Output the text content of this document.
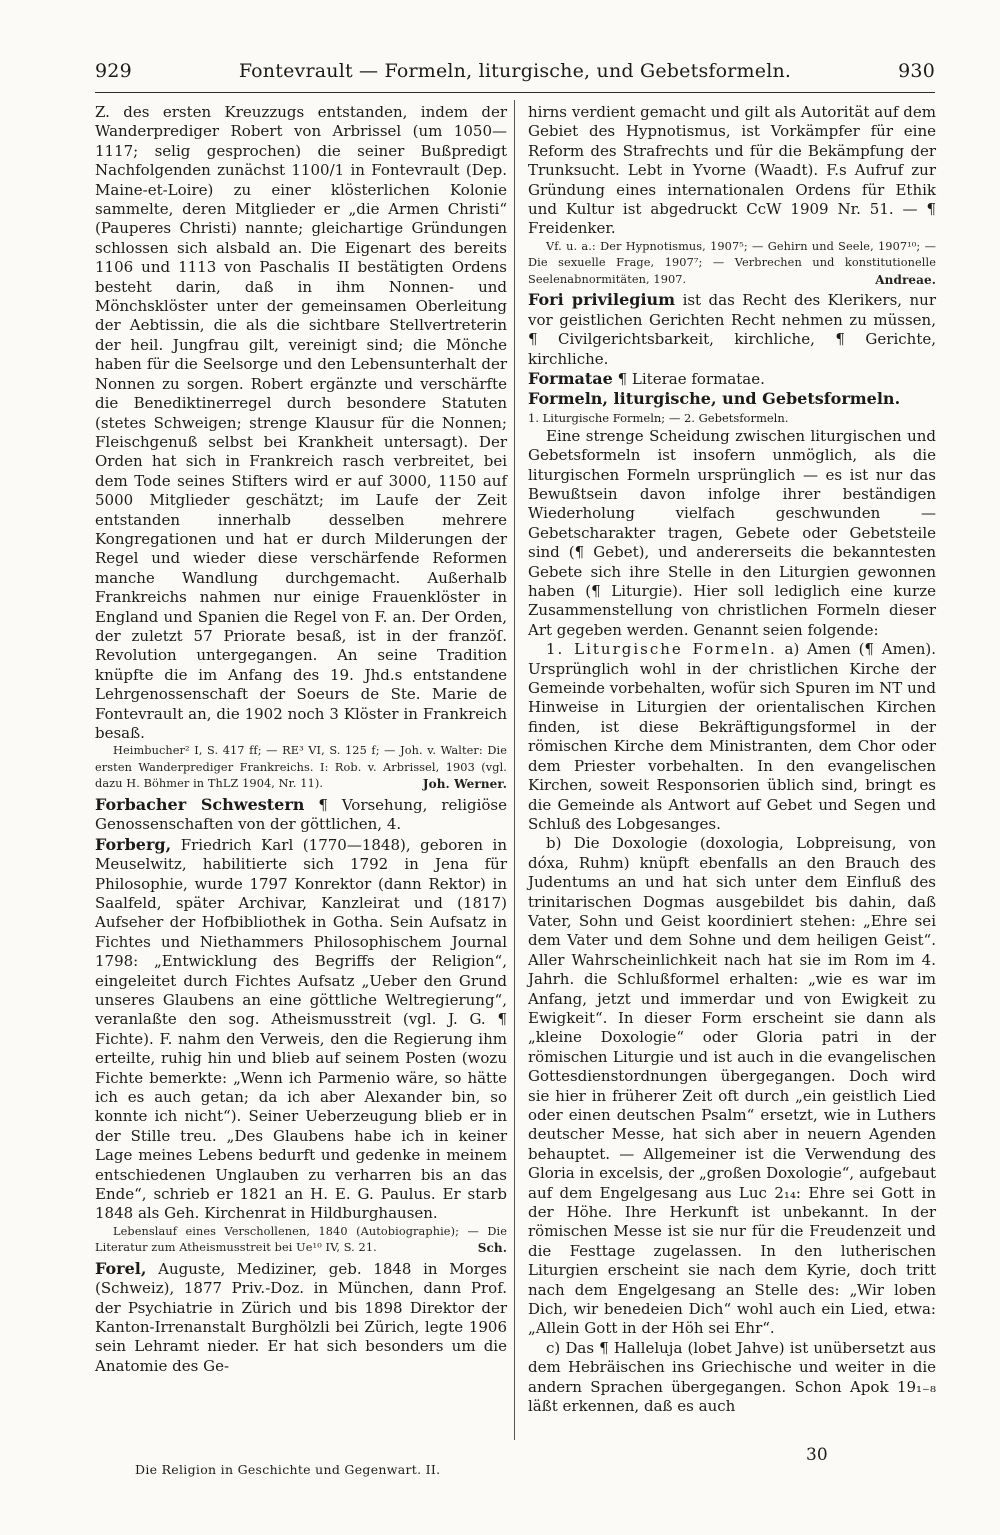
929	Fontevrault — Formeln, liturgische, und Gebetsformeln.	930

Z. des ersten Kreuzzugs entstanden, indem der Wanderprediger Robert von Arbrissel (um 1050—1117; selig gesprochen) die seiner Bußpredigt Nachfolgenden zunächst 1100/1 in Fontevrault (Dep. Maine-et-Loire) zu einer klösterlichen Kolonie sammelte, deren Mitglieder er „die Armen Christi“ (Pauperes Christi) nannte; gleichartige Gründungen schlossen sich alsbald an. Die Eigenart des bereits 1106 und 1113 von Paschalis II bestätigten Ordens besteht darin, daß in ihm Nonnen- und Mönchsklöster unter der gemeinsamen Oberleitung der Aebtissin, die als die sichtbare Stellvertreterin der heil. Jungfrau gilt, vereinigt sind; die Mönche haben für die Seelsorge und den Lebensunterhalt der Nonnen zu sorgen. Robert ergänzte und verschärfte die Benediktinerregel durch besondere Statuten (stetes Schweigen; strenge Klausur für die Nonnen; Fleischgenuß selbst bei Krankheit untersagt). Der Orden hat sich in Frankreich rasch verbreitet, bei dem Tode seines Stifters wird er auf 3000, 1150 auf 5000 Mitglieder geschätzt; im Laufe der Zeit entstanden innerhalb desselben mehrere Kongregationen und hat er durch Milderungen der Regel und wieder diese verschärfende Reformen manche Wandlung durchgemacht. Außerhalb Frankreichs nahmen nur einige Frauenklöster in England und Spanien die Regel von F. an. Der Orden, der zuletzt 57 Priorate besaß, ist in der franzöſ. Revolution untergegangen. An seine Tradition knüpfte die im Anfang des 19. Jhd.s entstandene Lehrgenossenschaft der Soeurs de Ste. Marie de Fontevrault an, die 1902 noch 3 Klöster in Frankreich besaß.

Heimbucher² I, S. 417 ff; — RE³ VI, S. 125 f; — Joh. v. Walter: Die ersten Wanderprediger Frankreichs. I: Rob. v. Arbrissel, 1903 (vgl. dazu H. Böhmer in ThLZ 1904, Nr. 11).	Joh. Werner.

Forbacher Schwestern ¶ Vorsehung, religiöse Genossenschaften von der göttlichen, 4.

Forberg, Friedrich Karl (1770—1848), geboren in Meuselwitz, habilitierte sich 1792 in Jena für Philosophie, wurde 1797 Konrektor (dann Rektor) in Saalfeld, später Archivar, Kanzleirat und (1817) Aufseher der Hofbibliothek in Gotha. Sein Aufsatz in Fichtes und Niethammers Philosophischem Journal 1798: „Entwicklung des Begriffs der Religion“, eingeleitet durch Fichtes Aufsatz „Ueber den Grund unseres Glaubens an eine göttliche Weltregierung“, veranlaßte den sog. Atheismusstreit (vgl. J. G. ¶ Fichte). F. nahm den Verweis, den die Regierung ihm erteilte, ruhig hin und blieb auf seinem Posten (wozu Fichte bemerkte: „Wenn ich Parmenio wäre, so hätte ich es auch getan; da ich aber Alexander bin, so konnte ich nicht“). Seiner Ueberzeugung blieb er in der Stille treu. „Des Glaubens habe ich in keiner Lage meines Lebens bedurft und gedenke in meinem entschiedenen Unglauben zu verharren bis an das Ende“, schrieb er 1821 an H. E. G. Paulus. Er starb 1848 als Geh. Kirchenrat in Hildburghausen.

Lebenslauf eines Verschollenen, 1840 (Autobiographie); — Die Literatur zum Atheismusstreit bei Ue¹⁰ IV, S. 21.	Sch.

Forel, Auguste, Mediziner, geb. 1848 in Morges (Schweiz), 1877 Priv.-Doz. in München, dann Prof. der Psychiatrie in Zürich und bis 1898 Direktor der Kanton-Irrenanstalt Burghölzli bei Zürich, legte 1906 sein Lehramt nieder. Er hat sich besonders um die Anatomie des Ge-

hirns verdient gemacht und gilt als Autorität auf dem Gebiet des Hypnotismus, ist Vorkämpfer für eine Reform des Strafrechts und für die Bekämpfung der Trunksucht. Lebt in Yvorne (Waadt). F.s Aufruf zur Gründung eines internationalen Ordens für Ethik und Kultur ist abgedruckt CcW 1909 Nr. 51. — ¶ Freidenker.

Vf. u. a.: Der Hypnotismus, 1907⁵; — Gehirn und Seele, 1907¹⁰; — Die sexuelle Frage, 1907⁷; — Verbrechen und konstitutionelle Seelenabnormitäten, 1907.	Andreae.

Fori privilegium ist das Recht des Klerikers, nur vor geistlichen Gerichten Recht nehmen zu müssen, ¶ Civilgerichtsbarkeit, kirchliche, ¶ Gerichte, kirchliche.

Formatae ¶ Literae formatae.

Formeln, liturgische, und Gebetsformeln.

1. Liturgische Formeln; — 2. Gebetsformeln.

Eine strenge Scheidung zwischen liturgischen und Gebetsformeln ist insofern unmöglich, als die liturgischen Formeln ursprünglich — es ist nur das Bewußtsein davon infolge ihrer beständigen Wiederholung vielfach geschwunden — Gebetscharakter tragen, Gebete oder Gebetsteile sind (¶ Gebet), und andererseits die bekanntesten Gebete sich ihre Stelle in den Liturgien gewonnen haben (¶ Liturgie). Hier soll lediglich eine kurze Zusammenstellung von christlichen Formeln dieser Art gegeben werden. Genannt seien folgende:

1. Liturgische Formeln. a) Amen (¶ Amen). Ursprünglich wohl in der christlichen Kirche der Gemeinde vorbehalten, wofür sich Spuren im NT und Hinweise in Liturgien der orientalischen Kirchen finden, ist diese Bekräftigungsformel in der römischen Kirche dem Ministranten, dem Chor oder dem Priester vorbehalten. In den evangelischen Kirchen, soweit Responsorien üblich sind, bringt es die Gemeinde als Antwort auf Gebet und Segen und Schluß des Lobgesanges.

b) Die Doxologie (doxologia, Lobpreisung, von dóxa, Ruhm) knüpft ebenfalls an den Brauch des Judentums an und hat sich unter dem Einfluß des trinitarischen Dogmas ausgebildet bis dahin, daß Vater, Sohn und Geist koordiniert stehen: „Ehre sei dem Vater und dem Sohne und dem heiligen Geist“. Aller Wahrscheinlichkeit nach hat sie im Rom im 4. Jahrh. die Schlußformel erhalten: „wie es war im Anfang, jetzt und immerdar und von Ewigkeit zu Ewigkeit“. In dieser Form erscheint sie dann als „kleine Doxologie“ oder Gloria patri in der römischen Liturgie und ist auch in die evangelischen Gottesdienstordnungen übergegangen. Doch wird sie hier in früherer Zeit oft durch „ein geistlich Lied oder einen deutschen Psalm“ ersetzt, wie in Luthers deutscher Messe, hat sich aber in neuern Agenden behauptet. — Allgemeiner ist die Verwendung des Gloria in excelsis, der „großen Doxologie“, aufgebaut auf dem Engelgesang aus Luc 2₁₄: Ehre sei Gott in der Höhe. Ihre Herkunft ist unbekannt. In der römischen Messe ist sie nur für die Freudenzeit und die Festtage zugelassen. In den lutherischen Liturgien erscheint sie nach dem Kyrie, doch tritt nach dem Engelgesang an Stelle des: „Wir loben Dich, wir benedeien Dich“ wohl auch ein Lied, etwa: „Allein Gott in der Höh sei Ehr“.

c) Das ¶ Halleluja (lobet Jahve) ist unübersetzt aus dem Hebräischen ins Griechische und weiter in die andern Sprachen übergegangen. Schon Apok 19₁₋₈ läßt erkennen, daß es auch

Die Religion in Geschichte und Gegenwart. II.
30
